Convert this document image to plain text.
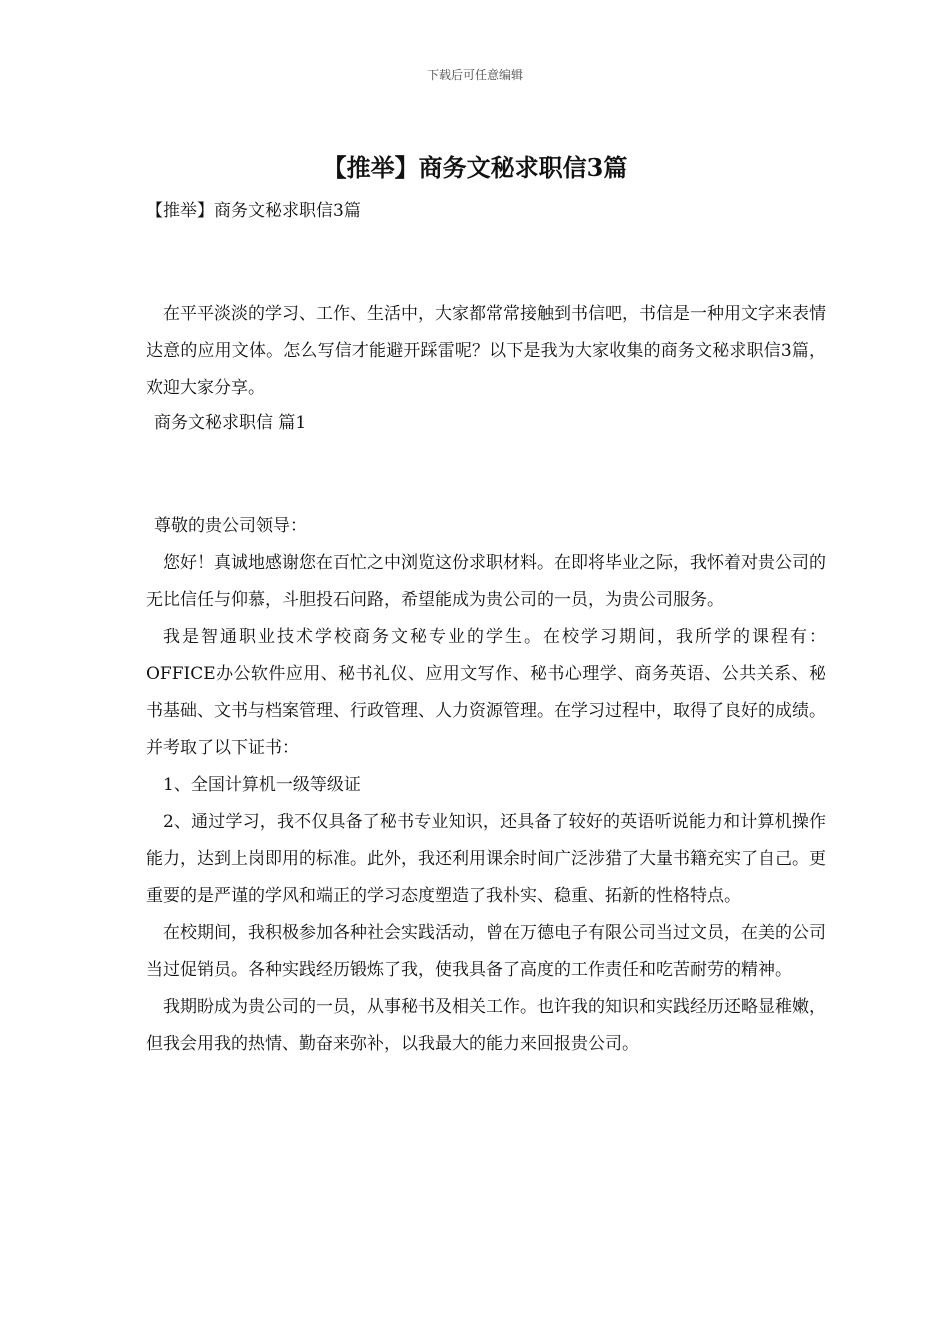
下载后可任意编辑
【推举】商务文秘求职信3篇
【推举】商务文秘求职信3篇

在平平淡淡的学习、工作、生活中，大家都常常接触到书信吧，书信是一种用文字来表情达意的应用文体。怎么写信才能避开踩雷呢？以下是我为大家收集的商务文秘求职信3篇，欢迎大家分享。

商务文秘求职信 篇1

尊敬的贵公司领导：

您好！真诚地感谢您在百忙之中浏览这份求职材料。在即将毕业之际，我怀着对贵公司的无比信任与仰慕，斗胆投石问路，希望能成为贵公司的一员，为贵公司服务。

我是智通职业技术学校商务文秘专业的学生。在校学习期间，我所学的课程有：OFFICE办公软件应用、秘书礼仪、应用文写作、秘书心理学、商务英语、公共关系、秘书基础、文书与档案管理、行政管理、人力资源管理。在学习过程中，取得了良好的成绩。并考取了以下证书：

1、全国计算机一级等级证

2、通过学习，我不仅具备了秘书专业知识，还具备了较好的英语听说能力和计算机操作能力，达到上岗即用的标准。此外，我还利用课余时间广泛涉猎了大量书籍充实了自己。更重要的是严谨的学风和端正的学习态度塑造了我朴实、稳重、拓新的性格特点。

在校期间，我积极参加各种社会实践活动，曾在万德电子有限公司当过文员，在美的公司当过促销员。各种实践经历锻炼了我，使我具备了高度的工作责任和吃苦耐劳的精神。

我期盼成为贵公司的一员，从事秘书及相关工作。也许我的知识和实践经历还略显稚嫩，但我会用我的热情、勤奋来弥补，以我最大的能力来回报贵公司。
